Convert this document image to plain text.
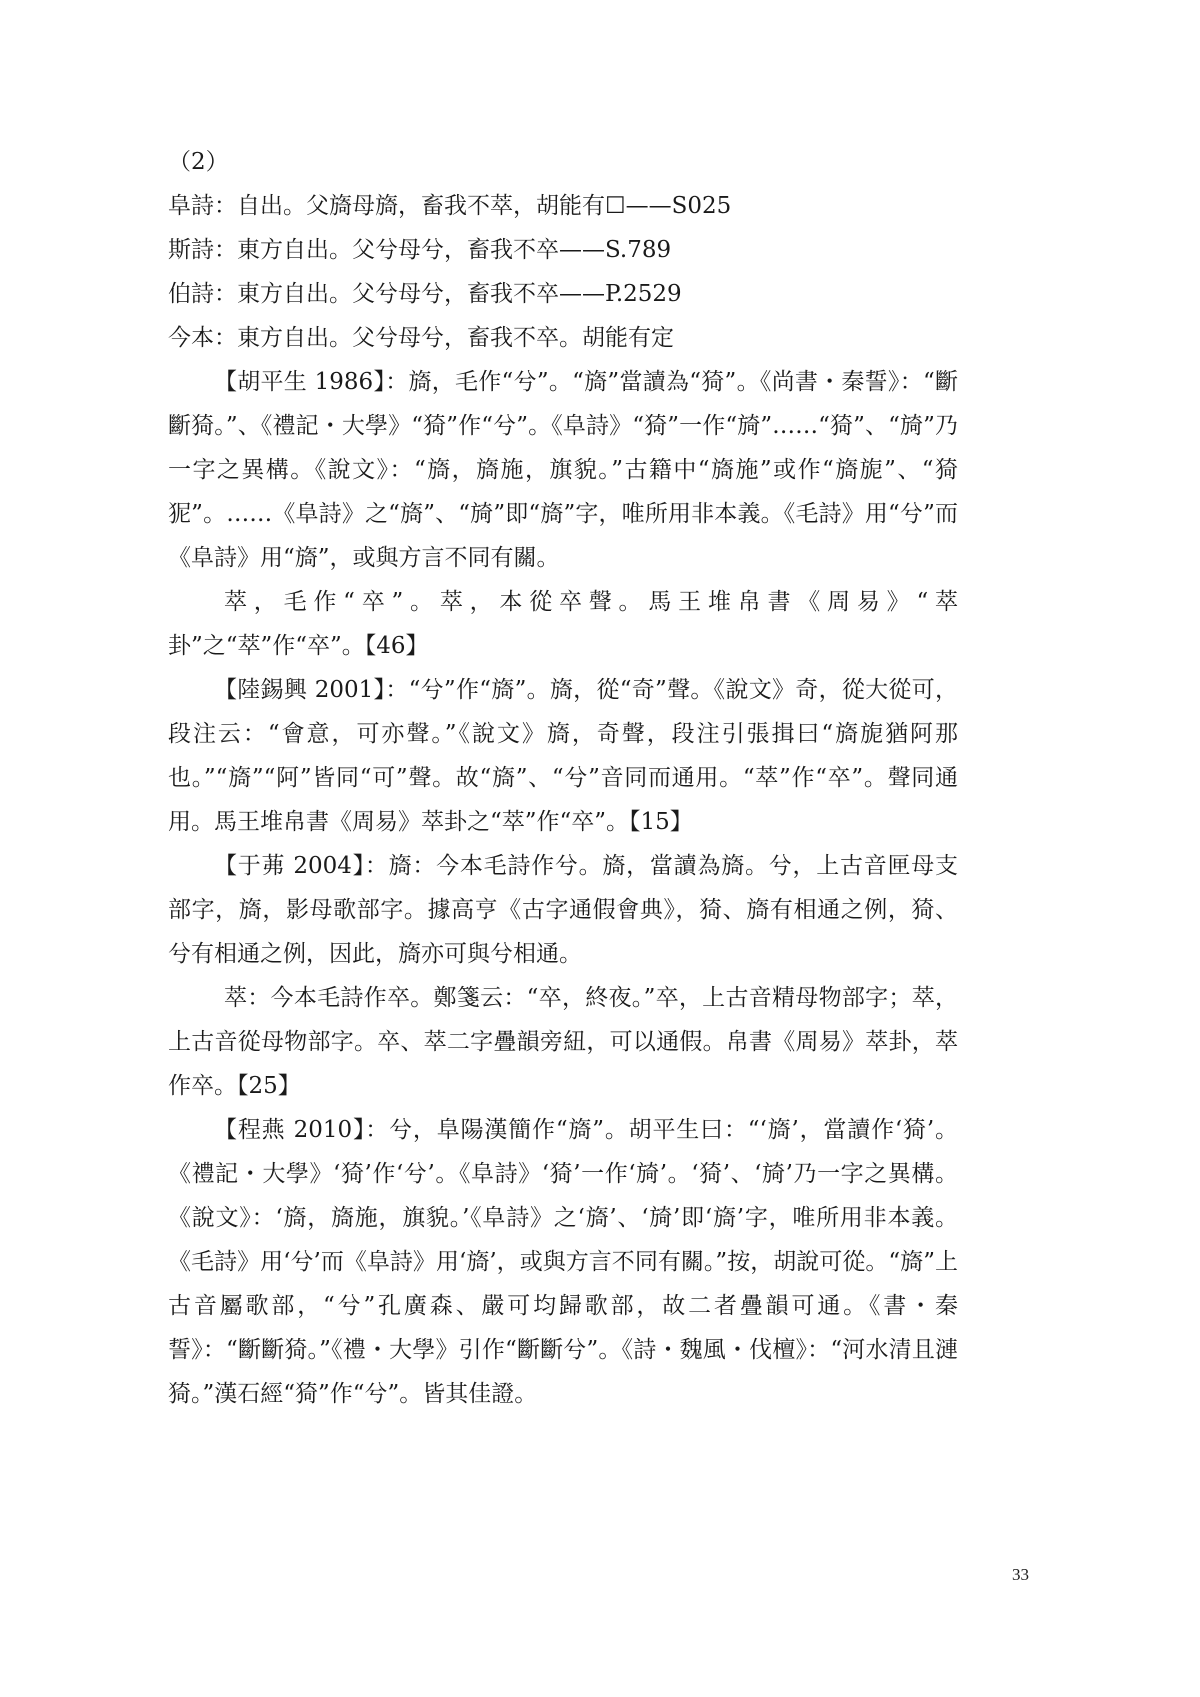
（2）

阜詩：自出。父旖母旖，畜我不萃，胡能有☐——S025

斯詩：東方自出。父兮母兮，畜我不卒——S.789

伯詩：東方自出。父兮母兮，畜我不卒——P.2529

今本：東方自出。父兮母兮，畜我不卒。胡能有定

【胡平生 1986】：旖，毛作“兮”。“旖”當讀為“猗”。《尚書・秦誓》：“斷斷猗。”、《禮記・大學》“猗”作“兮”。《阜詩》“猗”一作“旑”……“猗”、“旑”乃一字之異構。《說文》：“旖，旖施，旗貌。”古籍中“旖施”或作“旖旎”、“猗狔”。……《阜詩》之“旖”、“旑”即“旖”字，唯所用非本義。《毛詩》用“兮”而《阜詩》用“旖”，或與方言不同有關。

萃，毛作“卒”。萃，本從卒聲。馬王堆帛書《周易》“萃卦”之“萃”作“卒”。【46】

【陸錫興 2001】：“兮”作“旖”。旖，從“奇”聲。《說文》奇，從大從可，段注云：“會意，可亦聲。”《說文》旖，奇聲，段注引張揖曰“旖旎猶阿那也。”“旖”“阿”皆同“可”聲。故“旖”、“兮”音同而通用。“萃”作“卒”。聲同通用。馬王堆帛書《周易》萃卦之“萃”作“卒”。【15】

【于茀 2004】：旖：今本毛詩作兮。旖，當讀為旖。兮，上古音匣母支部字，旖，影母歌部字。據高亨《古字通假會典》，猗、旖有相通之例，猗、兮有相通之例，因此，旖亦可與兮相通。

萃：今本毛詩作卒。鄭箋云：“卒，終夜。”卒，上古音精母物部字；萃，上古音從母物部字。卒、萃二字疊韻旁紐，可以通假。帛書《周易》萃卦，萃作卒。【25】

【程燕 2010】：兮，阜陽漢簡作“旖”。胡平生曰：“‘旖’，當讀作‘猗’。《禮記・大學》‘猗’作‘兮’。《阜詩》‘猗’一作‘旑’。‘猗’、‘旑’乃一字之異構。《說文》：‘旖，旖施，旗貌。’《阜詩》之‘旖’、‘旑’即‘旖’字，唯所用非本義。《毛詩》用‘兮’而《阜詩》用‘旖’，或與方言不同有關。”按，胡說可從。“旖”上古音屬歌部，“兮”孔廣森、嚴可均歸歌部，故二者疊韻可通。《書・秦誓》：“斷斷猗。”《禮・大學》引作“斷斷兮”。《詩・魏風・伐檀》：“河水清且漣猗。”漢石經“猗”作“兮”。皆其佳證。

33
